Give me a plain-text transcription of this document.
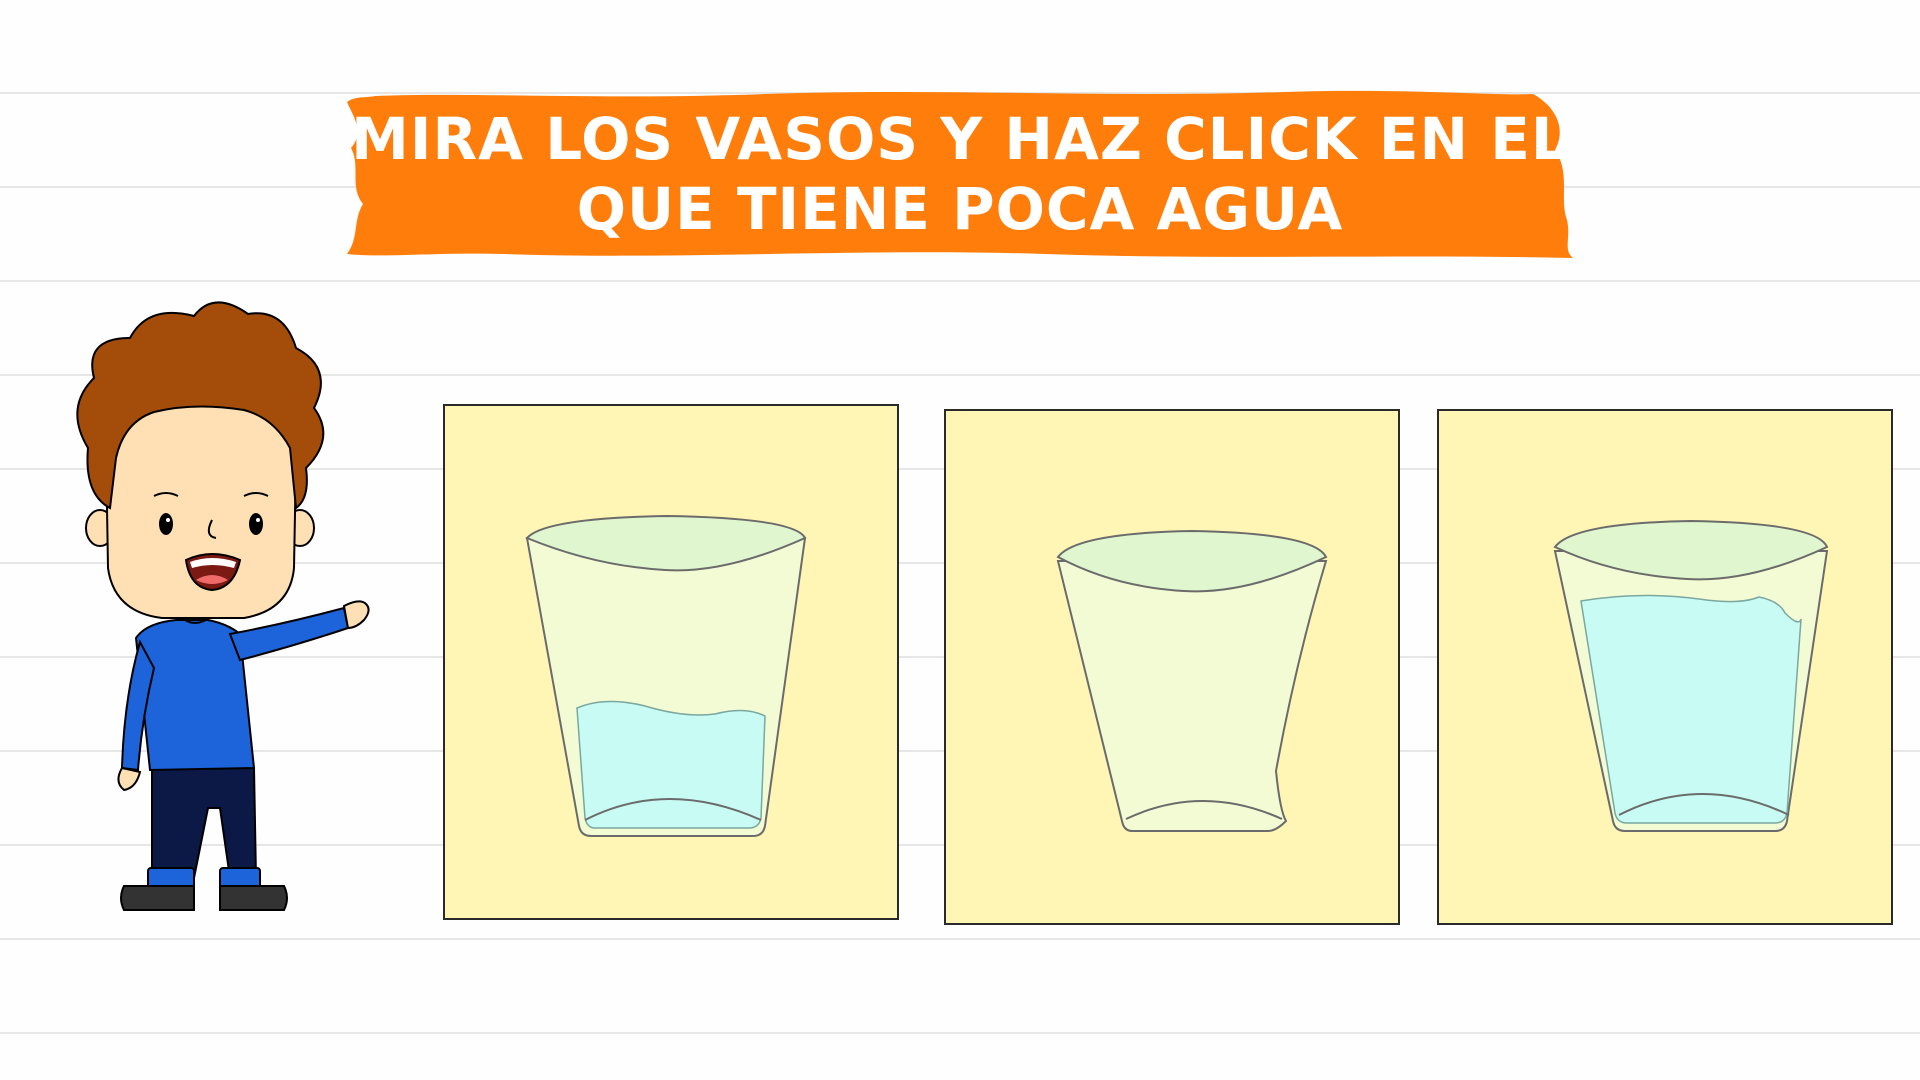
MIRA LOS VASOS Y HAZ CLICK EN EL
QUE TIENE POCA AGUA
